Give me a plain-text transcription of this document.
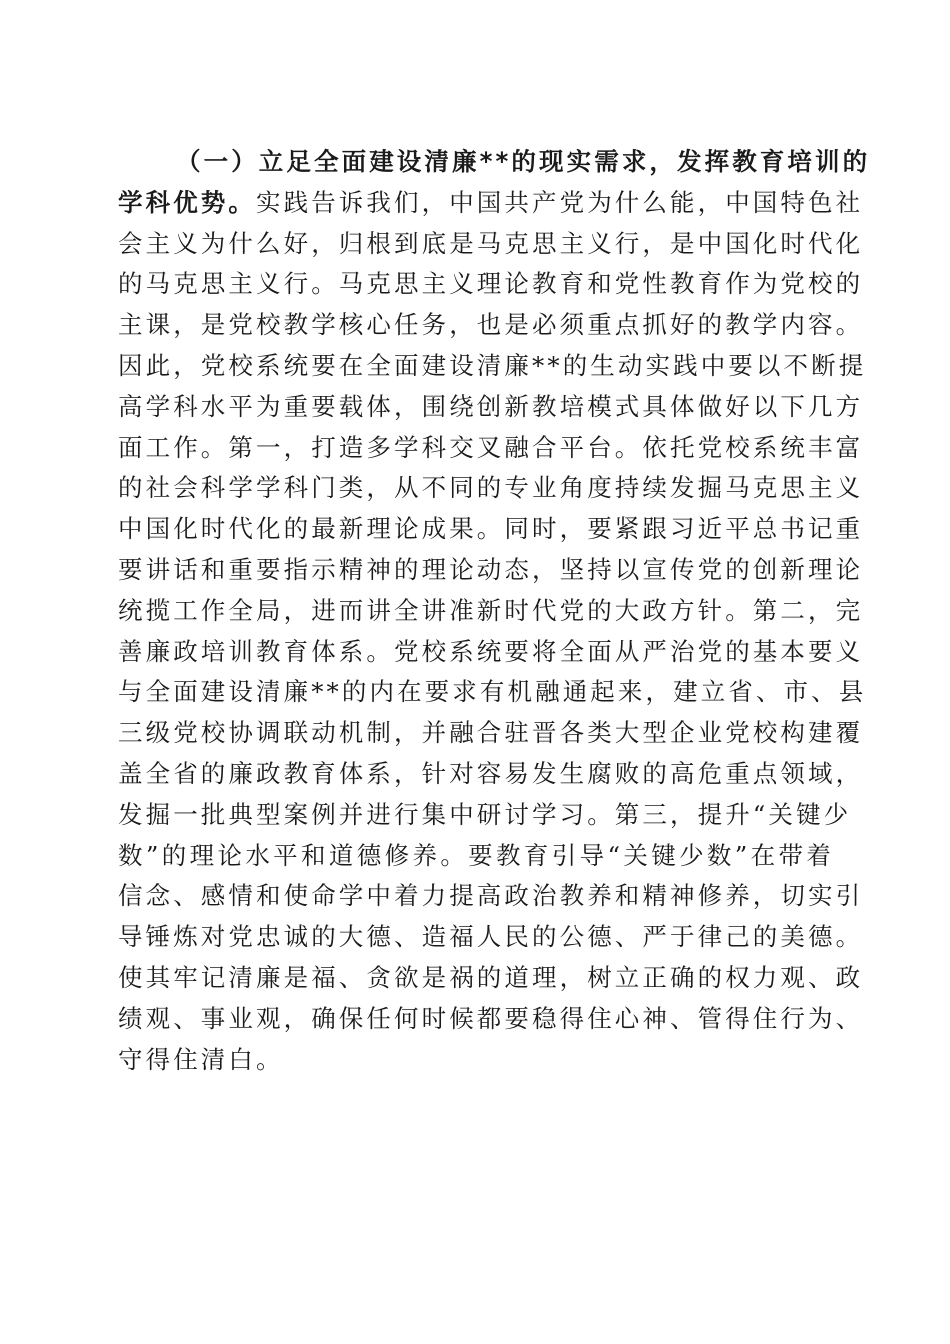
（一）立足全面建设清廉**的现实需求，发挥教育培训的
学科优势。实践告诉我们，中国共产党为什么能，中国特色社
会主义为什么好，归根到底是马克思主义行，是中国化时代化
的马克思主义行。马克思主义理论教育和党性教育作为党校的
主课，是党校教学核心任务，也是必须重点抓好的教学内容。
因此，党校系统要在全面建设清廉**的生动实践中要以不断提
高学科水平为重要载体，围绕创新教培模式具体做好以下几方
面工作。第一，打造多学科交叉融合平台。依托党校系统丰富
的社会科学学科门类，从不同的专业角度持续发掘马克思主义
中国化时代化的最新理论成果。同时，要紧跟习近平总书记重
要讲话和重要指示精神的理论动态，坚持以宣传党的创新理论
统揽工作全局，进而讲全讲准新时代党的大政方针。第二，完
善廉政培训教育体系。党校系统要将全面从严治党的基本要义
与全面建设清廉**的内在要求有机融通起来，建立省、市、县
三级党校协调联动机制，并融合驻晋各类大型企业党校构建覆
盖全省的廉政教育体系，针对容易发生腐败的高危重点领域，
发掘一批典型案例并进行集中研讨学习。第三，提升“关键少
数”的理论水平和道德修养。要教育引导“关键少数”在带着
信念、感情和使命学中着力提高政治教养和精神修养，切实引
导锤炼对党忠诚的大德、造福人民的公德、严于律己的美德。
使其牢记清廉是福、贪欲是祸的道理，树立正确的权力观、政
绩观、事业观，确保任何时候都要稳得住心神、管得住行为、
守得住清白。
